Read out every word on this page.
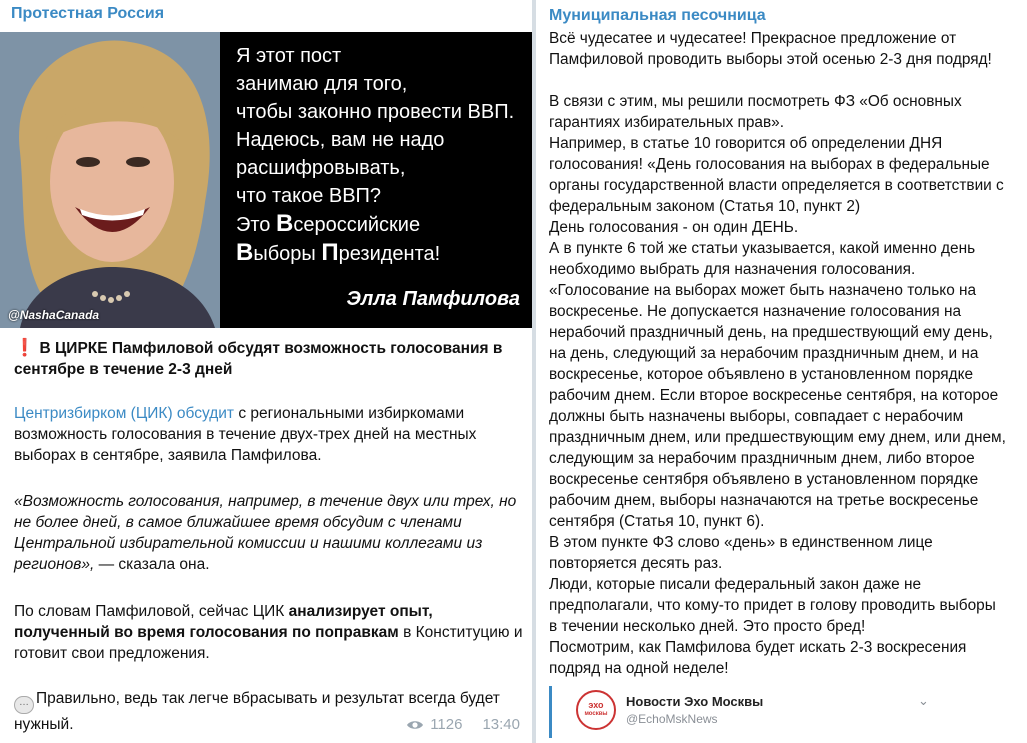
Протестная Россия
@NashaCanada
Я этот пост
занимаю для того,
чтобы законно провести ВВП.
Надеюсь, вам не надо
расшифровывать,
что такое ВВП?
Это Всероссийские
Выборы Президента!
Элла Памфилова
❗ В ЦИРКЕ Памфиловой обсудят возможность голосования в сентябре в течение 2-3 дней
Центризбирком (ЦИК) обсудит с региональными избиркомами возможность голосования в течение двух-трех дней на местных выборах в сентябре, заявила Памфилова.
«Возможность голосования, например, в течение двух или трех, но не более дней, в самое ближайшее время обсудим с членами Центральной избирательной комиссии и нашими коллегами из регионов», — сказала она.
По словам Памфиловой, сейчас ЦИК анализирует опыт, полученный во время голосования по поправкам в Конституцию и готовит свои предложения.
… Правильно, ведь так легче вбрасывать и результат всегда будет нужный.	1126 13:40
Муниципальная песочница
Всё чудесатее и чудесатее! Прекрасное предложение от
Памфиловой проводить выборы этой осенью 2-3 дня подряд!
В связи с этим, мы решили посмотреть ФЗ «Об основных
гарантиях избирательных прав».
Например, в статье 10 говорится об определении ДНЯ
голосования! «День голосования на выборах в федеральные
органы государственной власти определяется в соответствии с
федеральным законом (Статья 10, пункт 2)
День голосования - он один ДЕНЬ.
А в пункте 6 той же статьи указывается, какой именно день
необходимо выбрать для назначения голосования.
«Голосование на выборах может быть назначено только на
воскресенье. Не допускается назначение голосования на
нерабочий праздничный день, на предшествующий ему день,
на день, следующий за нерабочим праздничным днем, и на
воскресенье, которое объявлено в установленном порядке
рабочим днем. Если второе воскресенье сентября, на которое
должны быть назначены выборы, совпадает с нерабочим
праздничным днем, или предшествующим ему днем, или днем,
следующим за нерабочим праздничным днем, либо второе
воскресенье сентября объявлено в установленном порядке
рабочим днем, выборы назначаются на третье воскресенье
сентября (Статья 10, пункт 6).
В этом пункте ФЗ слово «день» в единственном лице
повторяется десять раз.
Люди, которые писали федеральный закон даже не
предполагали, что кому-то придет в голову проводить выборы
в течении несколько дней. Это просто бред!
Посмотрим, как Памфилова будет искать 2-3 воскресения
подряд на одной неделе!
эхо
москвы
Новости Эхо Москвы
@EchoMskNews
⌄
